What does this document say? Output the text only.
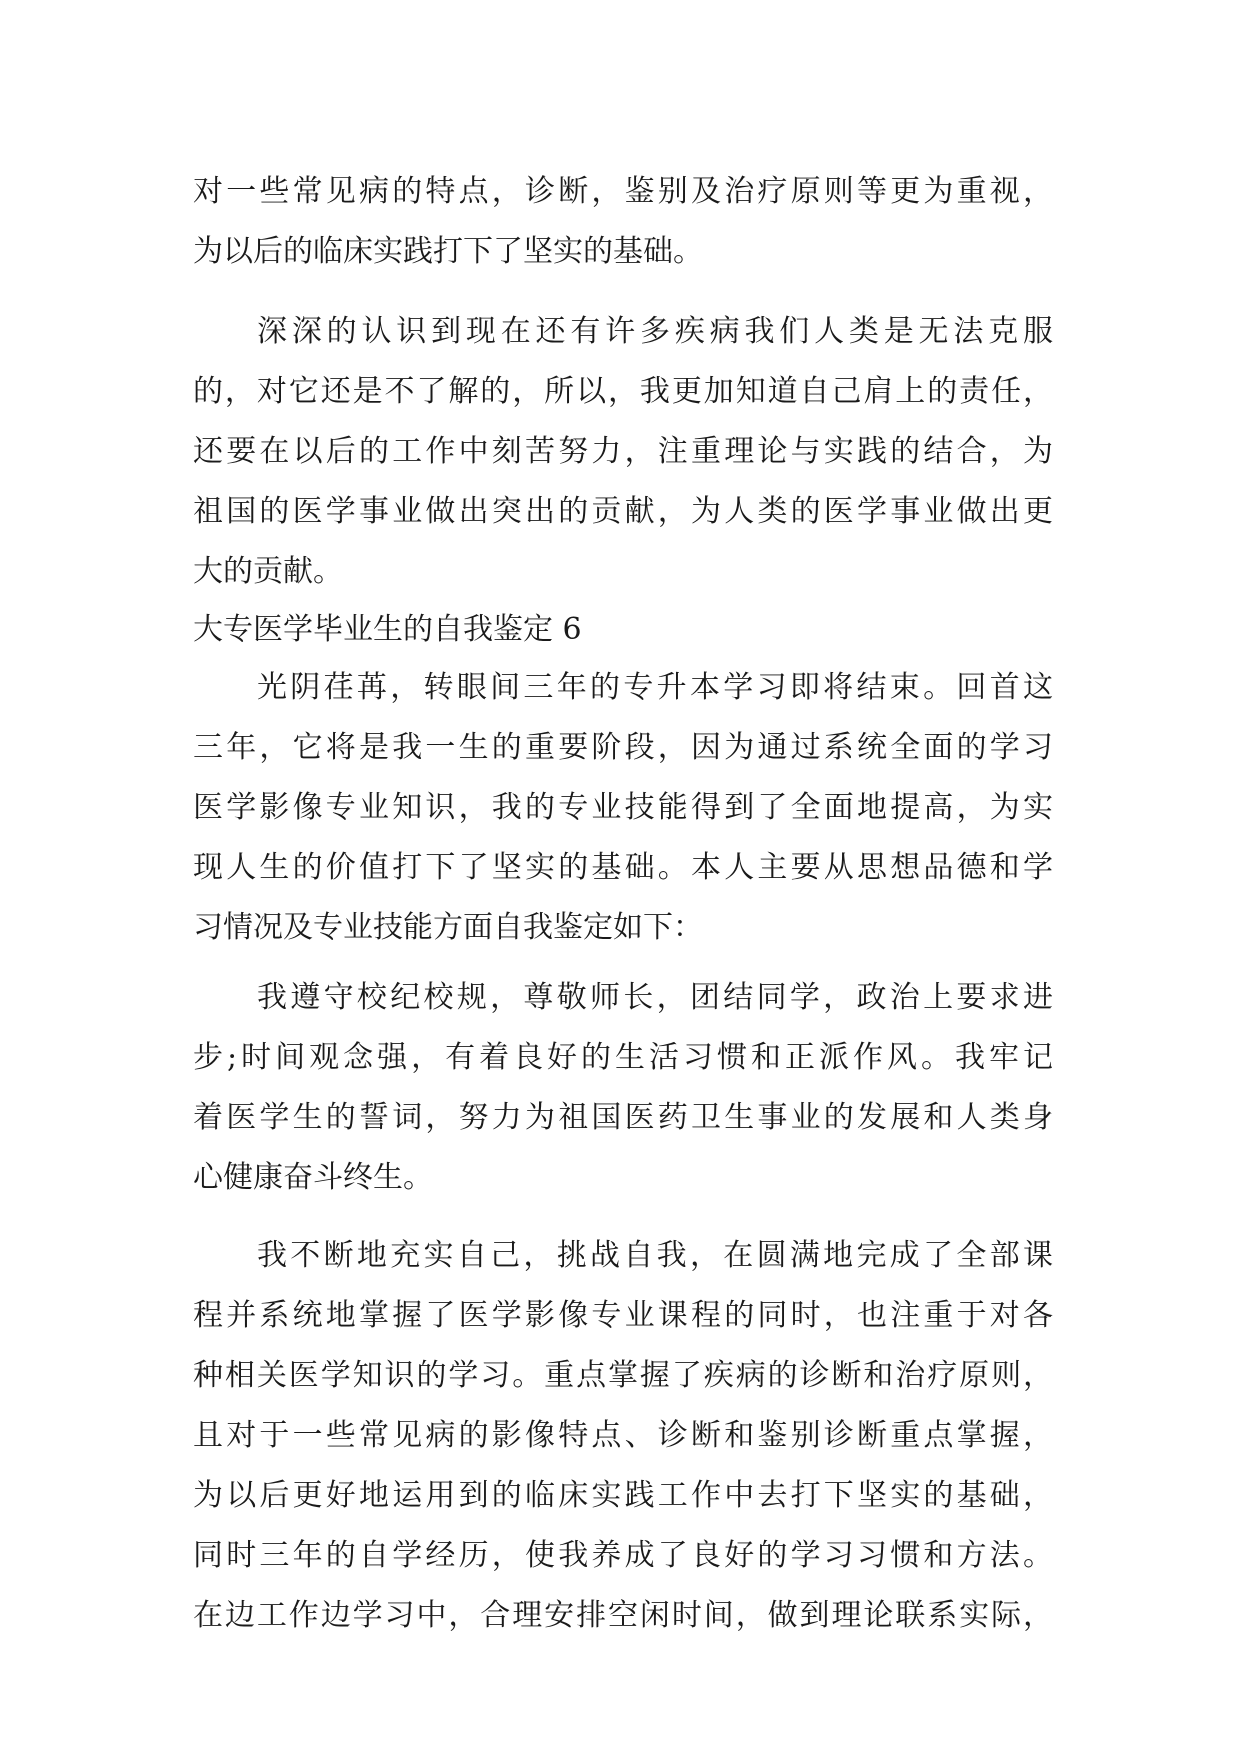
对一些常见病的特点，诊断，鉴别及治疗原则等更为重视，
为以后的临床实践打下了坚实的基础。
深深的认识到现在还有许多疾病我们人类是无法克服
的，对它还是不了解的，所以，我更加知道自己肩上的责任，
还要在以后的工作中刻苦努力，注重理论与实践的结合，为
祖国的医学事业做出突出的贡献，为人类的医学事业做出更
大的贡献。
大专医学毕业生的自我鉴定 6
光阴荏苒，转眼间三年的专升本学习即将结束。回首这
三年，它将是我一生的重要阶段，因为通过系统全面的学习
医学影像专业知识，我的专业技能得到了全面地提高，为实
现人生的价值打下了坚实的基础。本人主要从思想品德和学
习情况及专业技能方面自我鉴定如下：
我遵守校纪校规，尊敬师长，团结同学，政治上要求进
步;时间观念强，有着良好的生活习惯和正派作风。我牢记
着医学生的誓词，努力为祖国医药卫生事业的发展和人类身
心健康奋斗终生。
我不断地充实自己，挑战自我，在圆满地完成了全部课
程并系统地掌握了医学影像专业课程的同时，也注重于对各
种相关医学知识的学习。重点掌握了疾病的诊断和治疗原则，
且对于一些常见病的影像特点、诊断和鉴别诊断重点掌握，
为以后更好地运用到的临床实践工作中去打下坚实的基础，
同时三年的自学经历，使我养成了良好的学习习惯和方法。
在边工作边学习中，合理安排空闲时间，做到理论联系实际，
